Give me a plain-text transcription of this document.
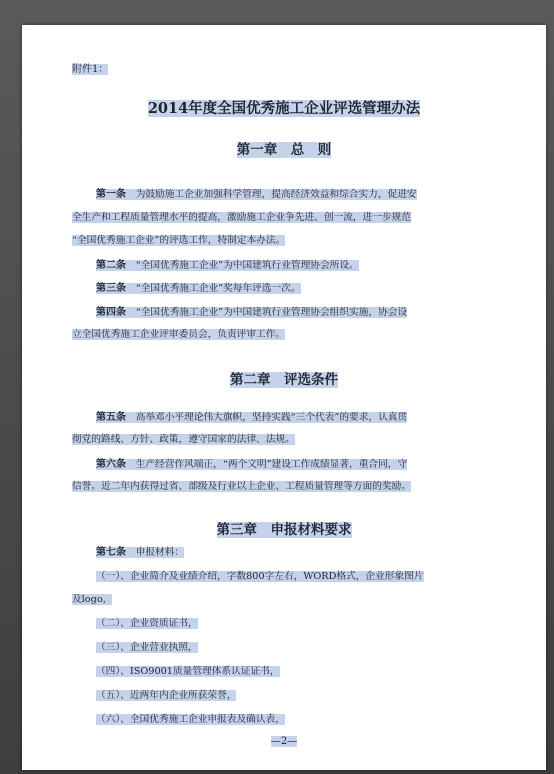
附件1：
2014年度全国优秀施工企业评选管理办法
第一章　总　则
第一条　 为鼓励施工企业加强科学管理，提高经济效益和综合实力，促进安
全生产和工程质量管理水平的提高，激励施工企业争先进、创一流，进一步规范
“全国优秀施工企业”的评选工作，特制定本办法。
第二条　 “全国优秀施工企业”为中国建筑行业管理协会所设。
第三条　 “全国优秀施工企业”奖每年评选一次。
第四条　 “全国优秀施工企业”为中国建筑行业管理协会组织实施，协会设
立全国优秀施工企业评审委员会，负责评审工作。
第二章　评选条件
第五条　 高举邓小平理论伟大旗帜，坚持实践“三个代表”的要求，认真贯
彻党的路线、方针、政策，遵守国家的法律、法规。
第六条　 生产经营作风端正，“两个文明”建设工作成绩显著，重合同，守
信誉。近二年内获得过省、部级及行业以上企业、工程质量管理等方面的奖励。
第三章　申报材料要求
第七条　 申报材料：
（一）、企业简介及业绩介绍，字数800字左右，WORD格式，企业形象图片
及logo，
（二）、企业资质证书，
（三）、企业营业执照，
（四）、ISO9001质量管理体系认证证书，
（五）、近两年内企业所获荣誉，
（六）、全国优秀施工企业申报表及确认表，
—2—
